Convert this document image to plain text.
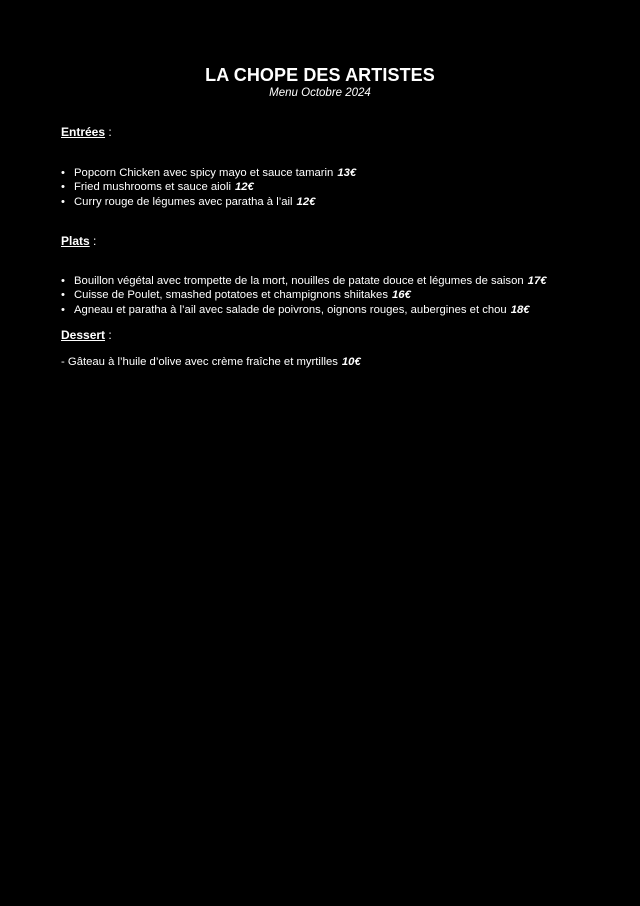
LA CHOPE DES ARTISTES

Menu Octobre 2024

Entrées :

• Popcorn Chicken avec spicy mayo et sauce tamarin 13€
• Fried mushrooms et sauce aioli 12€
• Curry rouge de légumes avec paratha à l’ail 12€

Plats :

• Bouillon végétal avec trompette de la mort, nouilles de patate douce et légumes de saison 17€
• Cuisse de Poulet, smashed potatoes et champignons shiitakes 16€
• Agneau et paratha à l’ail avec salade de poivrons, oignons rouges, aubergines et chou 18€

Dessert :

- Gâteau à l’huile d’olive avec crème fraîche et myrtilles 10€
